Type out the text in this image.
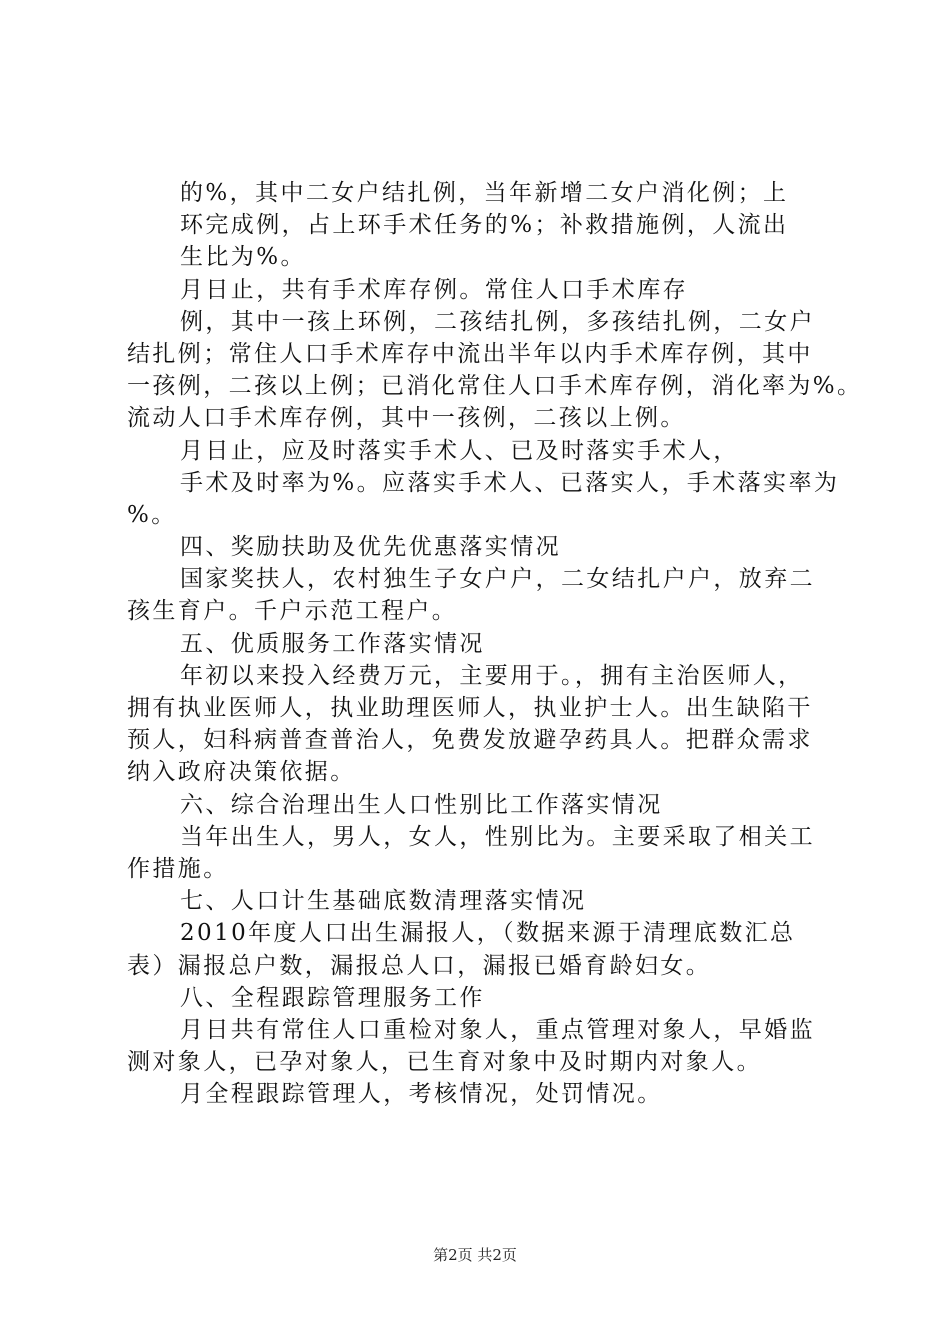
的%，其中二女户结扎例，当年新增二女户消化例；上
环完成例，占上环手术任务的%；补救措施例，人流出
生比为%。
月日止，共有手术库存例。常住人口手术库存
例，其中一孩上环例，二孩结扎例，多孩结扎例，二女户
结扎例；常住人口手术库存中流出半年以内手术库存例，其中
一孩例，二孩以上例；已消化常住人口手术库存例，消化率为%。
流动人口手术库存例，其中一孩例，二孩以上例。
月日止，应及时落实手术人、已及时落实手术人，
手术及时率为%。应落实手术人、已落实人，手术落实率为
%。
四、奖励扶助及优先优惠落实情况
国家奖扶人，农村独生子女户户，二女结扎户户，放弃二
孩生育户。千户示范工程户。
五、优质服务工作落实情况
年初以来投入经费万元，主要用于。，拥有主治医师人，
拥有执业医师人，执业助理医师人，执业护士人。出生缺陷干
预人，妇科病普查普治人，免费发放避孕药具人。把群众需求
纳入政府决策依据。
六、综合治理出生人口性别比工作落实情况
当年出生人，男人，女人，性别比为。主要采取了相关工
作措施。
七、人口计生基础底数清理落实情况
2010年度人口出生漏报人，（数据来源于清理底数汇总
表）漏报总户数，漏报总人口，漏报已婚育龄妇女。
八、全程跟踪管理服务工作
月日共有常住人口重检对象人，重点管理对象人，早婚监
测对象人，已孕对象人，已生育对象中及时期内对象人。
月全程跟踪管理人，考核情况，处罚情况。
第2页 共2页
